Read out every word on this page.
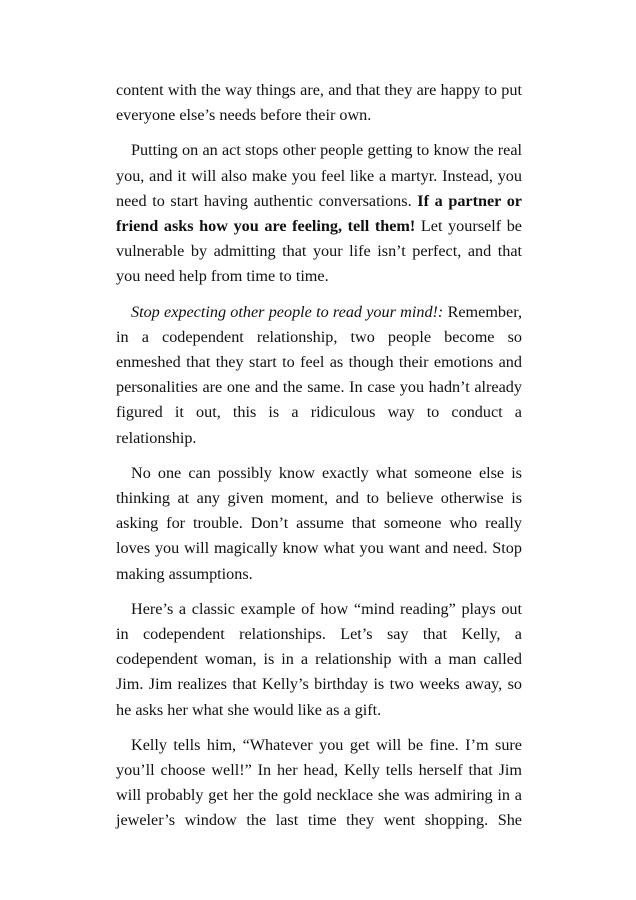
content with the way things are, and that they are happy to put everyone else’s needs before their own.

Putting on an act stops other people getting to know the real you, and it will also make you feel like a martyr. Instead, you need to start having authentic conversations. If a partner or friend asks how you are feeling, tell them! Let yourself be vulnerable by admitting that your life isn’t perfect, and that you need help from time to time.

Stop expecting other people to read your mind!: Remember, in a codependent relationship, two people become so enmeshed that they start to feel as though their emotions and personalities are one and the same. In case you hadn’t already figured it out, this is a ridiculous way to conduct a relationship.

No one can possibly know exactly what someone else is thinking at any given moment, and to believe otherwise is asking for trouble. Don’t assume that someone who really loves you will magically know what you want and need. Stop making assumptions.

Here’s a classic example of how “mind reading” plays out in codependent relationships. Let’s say that Kelly, a codependent woman, is in a relationship with a man called Jim. Jim realizes that Kelly’s birthday is two weeks away, so he asks her what she would like as a gift.

Kelly tells him, “Whatever you get will be fine. I’m sure you’ll choose well!” In her head, Kelly tells herself that Jim will probably get her the gold necklace she was admiring in a jeweler’s window the last time they went shopping. She
